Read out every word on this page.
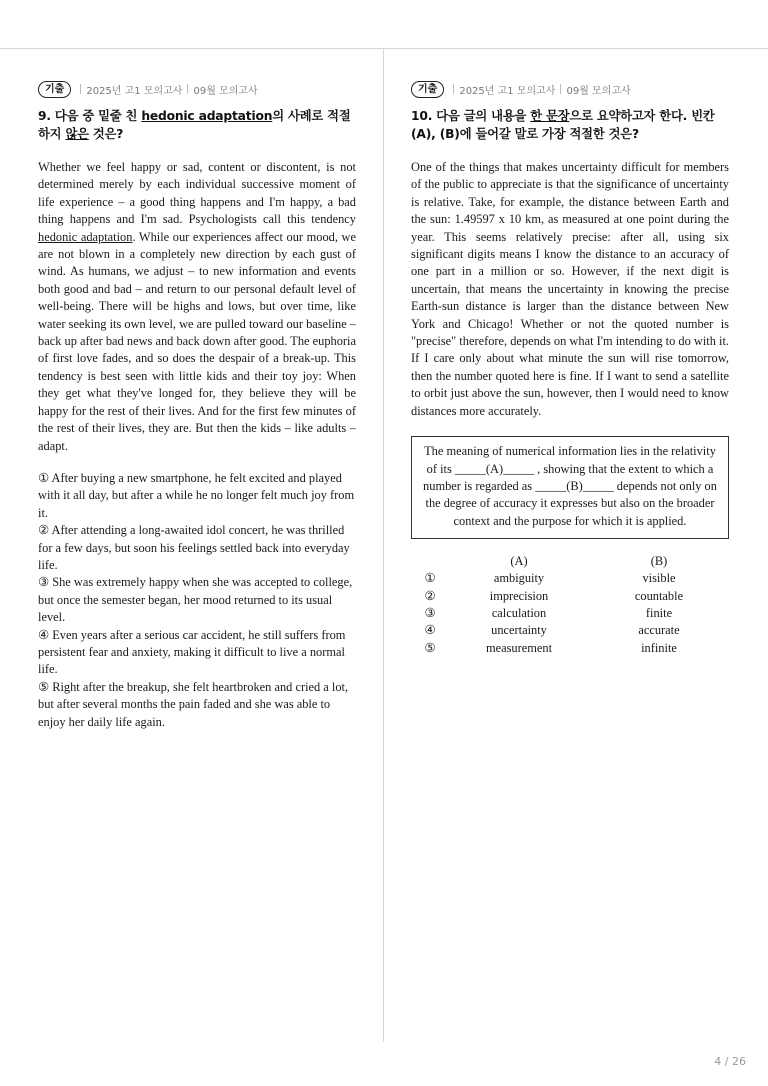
기출	2025년 고1 모의고사 09월 모의고사

9. 다음 중 밑줄 친 hedonic adaptation의 사례로 적절하지 않은 것은?

Whether we feel happy or sad, content or discontent, is not determined merely by each individual successive moment of life experience – a good thing happens and I'm happy, a bad thing happens and I'm sad. Psychologists call this tendency hedonic adaptation. While our experiences affect our mood, we are not blown in a completely new direction by each gust of wind. As humans, we adjust – to new information and events both good and bad – and return to our personal default level of well-being. There will be highs and lows, but over time, like water seeking its own level, we are pulled toward our baseline – back up after bad news and back down after good. The euphoria of first love fades, and so does the despair of a break-up. This tendency is best seen with little kids and their toy joy: When they get what they've longed for, they believe they will be happy for the rest of their lives. And for the first few minutes of the rest of their lives, they are. But then the kids – like adults – adapt.

① After buying a new smartphone, he felt excited and played with it all day, but after a while he no longer felt much joy from it.
② After attending a long-awaited idol concert, he was thrilled for a few days, but soon his feelings settled back into everyday life.
③ She was extremely happy when she was accepted to college, but once the semester began, her mood returned to its usual level.
④ Even years after a serious car accident, he still suffers from persistent fear and anxiety, making it difficult to live a normal life.
⑤ Right after the breakup, she felt heartbroken and cried a lot, but after several months the pain faded and she was able to enjoy her daily life again.
기출	2025년 고1 모의고사 09월 모의고사

10. 다음 글의 내용을 한 문장으로 요약하고자 한다. 빈칸 (A), (B)에 들어갈 말로 가장 적절한 것은?

One of the things that makes uncertainty difficult for members of the public to appreciate is that the significance of uncertainty is relative. Take, for example, the distance between Earth and the sun: 1.49597 x 10 km, as measured at one point during the year. This seems relatively precise: after all, using six significant digits means I know the distance to an accuracy of one part in a million or so. However, if the next digit is uncertain, that means the uncertainty in knowing the precise Earth-sun distance is larger than the distance between New York and Chicago! Whether or not the quoted number is "precise" therefore, depends on what I'm intending to do with it. If I care only about what minute the sun will rise tomorrow, then the number quoted here is fine. If I want to send a satellite to orbit just above the sun, however, then I would need to know distances more accurately.

The meaning of numerical information lies in the relativity of its _____(A)_____ , showing that the extent to which a number is regarded as _____(B)_____ depends not only on the degree of accuracy it expresses but also on the broader context and the purpose for which it is applied.
	(A)	(B)
①	ambiguity	visible
②	imprecision	countable
③	calculation	finite
④	uncertainty	accurate
⑤	measurement	infinite
4 / 26
